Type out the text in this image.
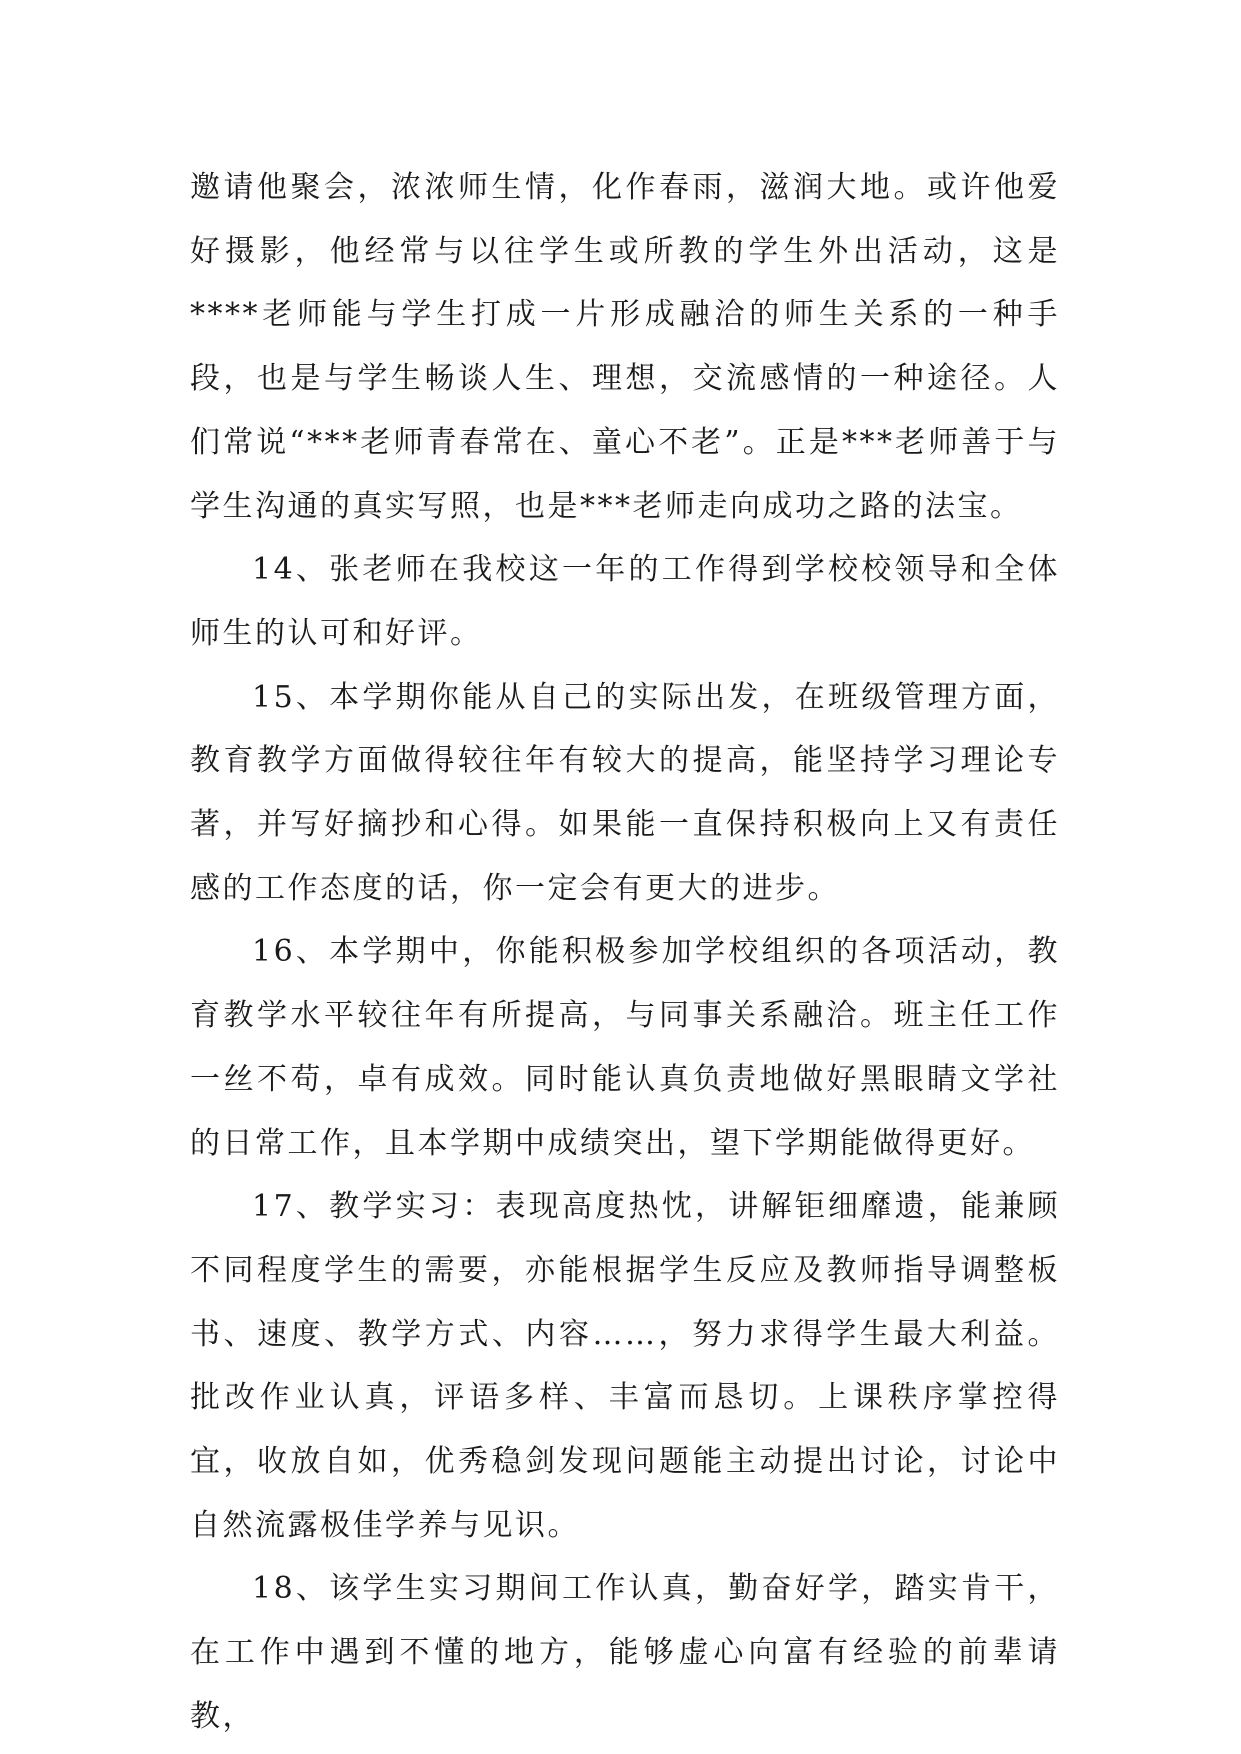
邀请他聚会，浓浓师生情，化作春雨，滋润大地。或许他爱好摄影，他经常与以往学生或所教的学生外出活动，这是****老师能与学生打成一片形成融洽的师生关系的一种手段，也是与学生畅谈人生、理想，交流感情的一种途径。人们常说“***老师青春常在、童心不老”。正是***老师善于与学生沟通的真实写照，也是***老师走向成功之路的法宝。

14、张老师在我校这一年的工作得到学校校领导和全体师生的认可和好评。

15、本学期你能从自己的实际出发，在班级管理方面，教育教学方面做得较往年有较大的提高，能坚持学习理论专著，并写好摘抄和心得。如果能一直保持积极向上又有责任感的工作态度的话，你一定会有更大的进步。

16、本学期中，你能积极参加学校组织的各项活动，教育教学水平较往年有所提高，与同事关系融洽。班主任工作一丝不苟，卓有成效。同时能认真负责地做好黑眼睛文学社的日常工作，且本学期中成绩突出，望下学期能做得更好。

17、教学实习：表现高度热忱，讲解钜细靡遗，能兼顾不同程度学生的需要，亦能根据学生反应及教师指导调整板书、速度、教学方式、内容……，努力求得学生最大利益。批改作业认真，评语多样、丰富而恳切。上课秩序掌控得宜，收放自如，优秀稳剑发现问题能主动提出讨论，讨论中自然流露极佳学养与见识。

18、该学生实习期间工作认真，勤奋好学，踏实肯干，在工作中遇到不懂的地方，能够虚心向富有经验的前辈请教，
